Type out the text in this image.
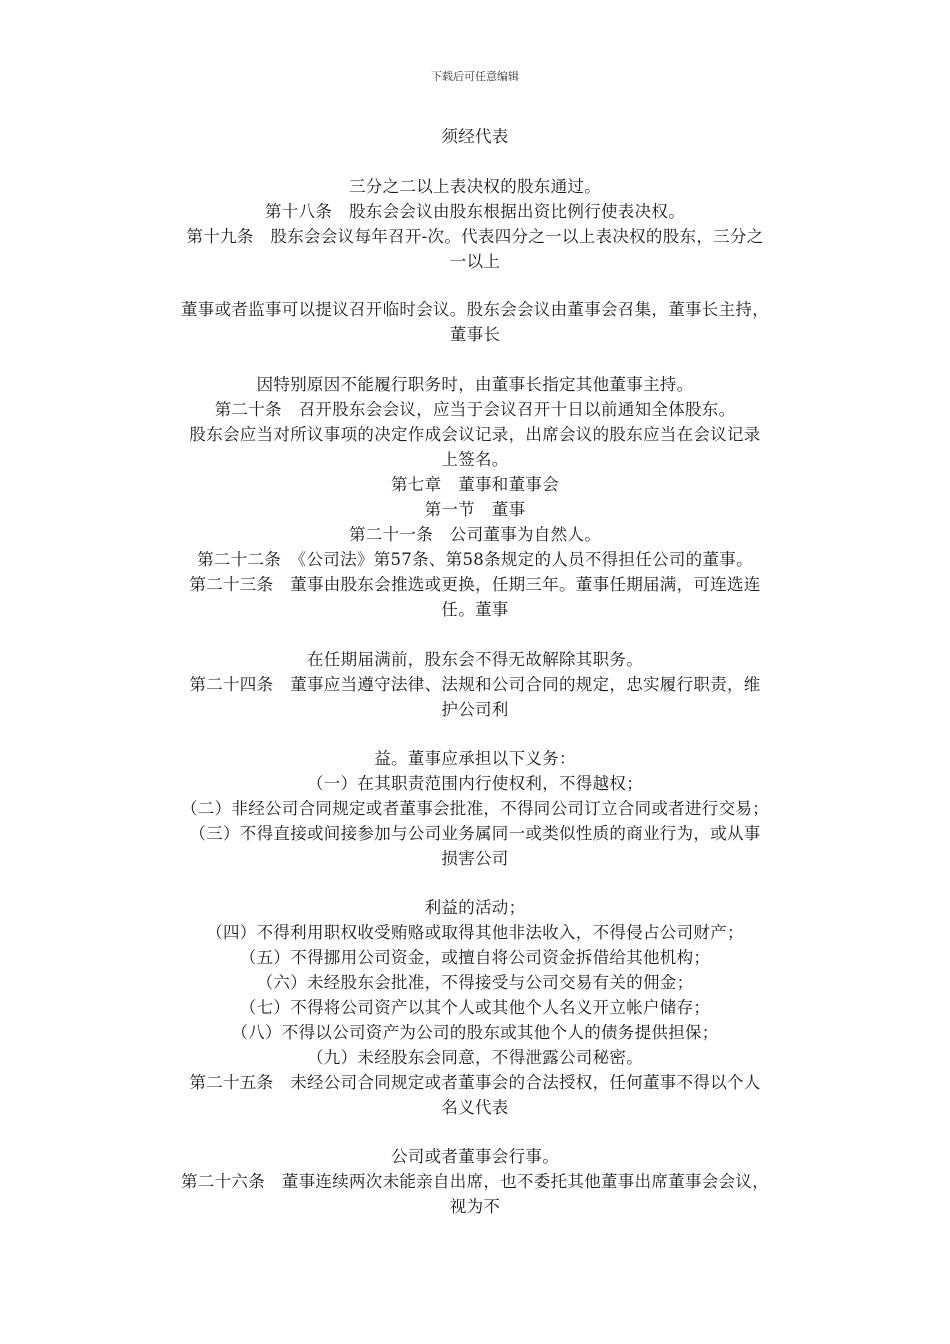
下载后可任意编辑
须经代表
三分之二以上表决权的股东通过。
第十八条　股东会会议由股东根据出资比例行使表决权。
第十九条　股东会会议每年召开-次。代表四分之一以上表决权的股东，三分之
一以上
董事或者监事可以提议召开临时会议。股东会会议由董事会召集，董事长主持，
董事长
因特别原因不能履行职务时，由董事长指定其他董事主持。
第二十条　召开股东会会议，应当于会议召开十日以前通知全体股东。
股东会应当对所议事项的决定作成会议记录，出席会议的股东应当在会议记录
上签名。
第七章　董事和董事会
第一节　董事
第二十一条　公司董事为自然人。
第二十二条　《公司法》第57条、第58条规定的人员不得担任公司的董事。
第二十三条　董事由股东会推选或更换，任期三年。董事任期届满，可连选连
任。董事
在任期届满前，股东会不得无故解除其职务。
第二十四条　董事应当遵守法律、法规和公司合同的规定，忠实履行职责，维
护公司利
益。董事应承担以下义务：
（一）在其职责范围内行使权利，不得越权；
（二）非经公司合同规定或者董事会批准，不得同公司订立合同或者进行交易；
（三）不得直接或间接参加与公司业务属同一或类似性质的商业行为，或从事
损害公司
利益的活动；
（四）不得利用职权收受贿赂或取得其他非法收入，不得侵占公司财产；
（五）不得挪用公司资金，或擅自将公司资金拆借给其他机构；
（六）未经股东会批准，不得接受与公司交易有关的佣金；
（七）不得将公司资产以其个人或其他个人名义开立帐户储存；
（八）不得以公司资产为公司的股东或其他个人的债务提供担保；
（九）未经股东会同意，不得泄露公司秘密。
第二十五条　未经公司合同规定或者董事会的合法授权，任何董事不得以个人
名义代表
公司或者董事会行事。
第二十六条　董事连续两次未能亲自出席，也不委托其他董事出席董事会会议，
视为不
